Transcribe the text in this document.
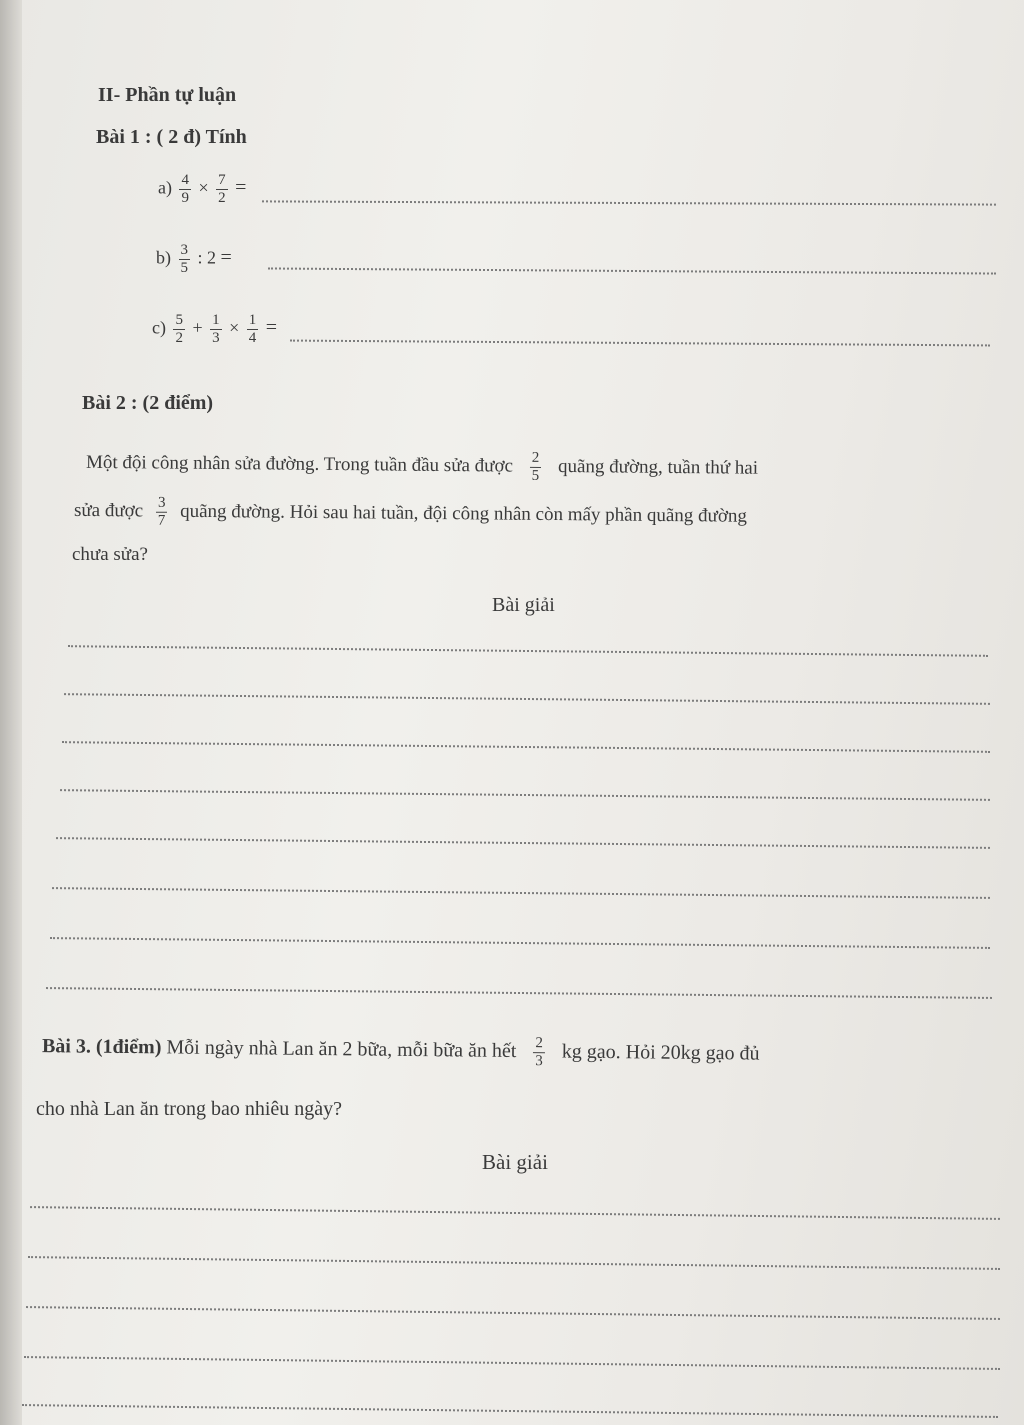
II- Phần tự luận
Bài 1 : ( 2 đ) Tính
$a) \frac{4}{9} \times \frac{7}{2}$ =
$b) \frac{3}{5}$ : 2 =
$c) \frac{5}{2} + \frac{1}{3} \times \frac{1}{4}$ =
Bài 2 : (2 điểm)
Một đội công nhân sửa đường. Trong tuần đầu sửa được $\frac{2}{5}$ quãng đường, tuần thứ hai
sửa được $\frac{3}{7}$ quãng đường. Hỏi sau hai tuần, đội công nhân còn mấy phần quãng đường
chưa sửa?
Bài giải
Bài 3. (1điểm) Mỗi ngày nhà Lan ăn 2 bữa, mỗi bữa ăn hết $\frac{2}{3}$ kg gạo. Hỏi 20kg gạo đủ
cho nhà Lan ăn trong bao nhiêu ngày?
Bài giải
